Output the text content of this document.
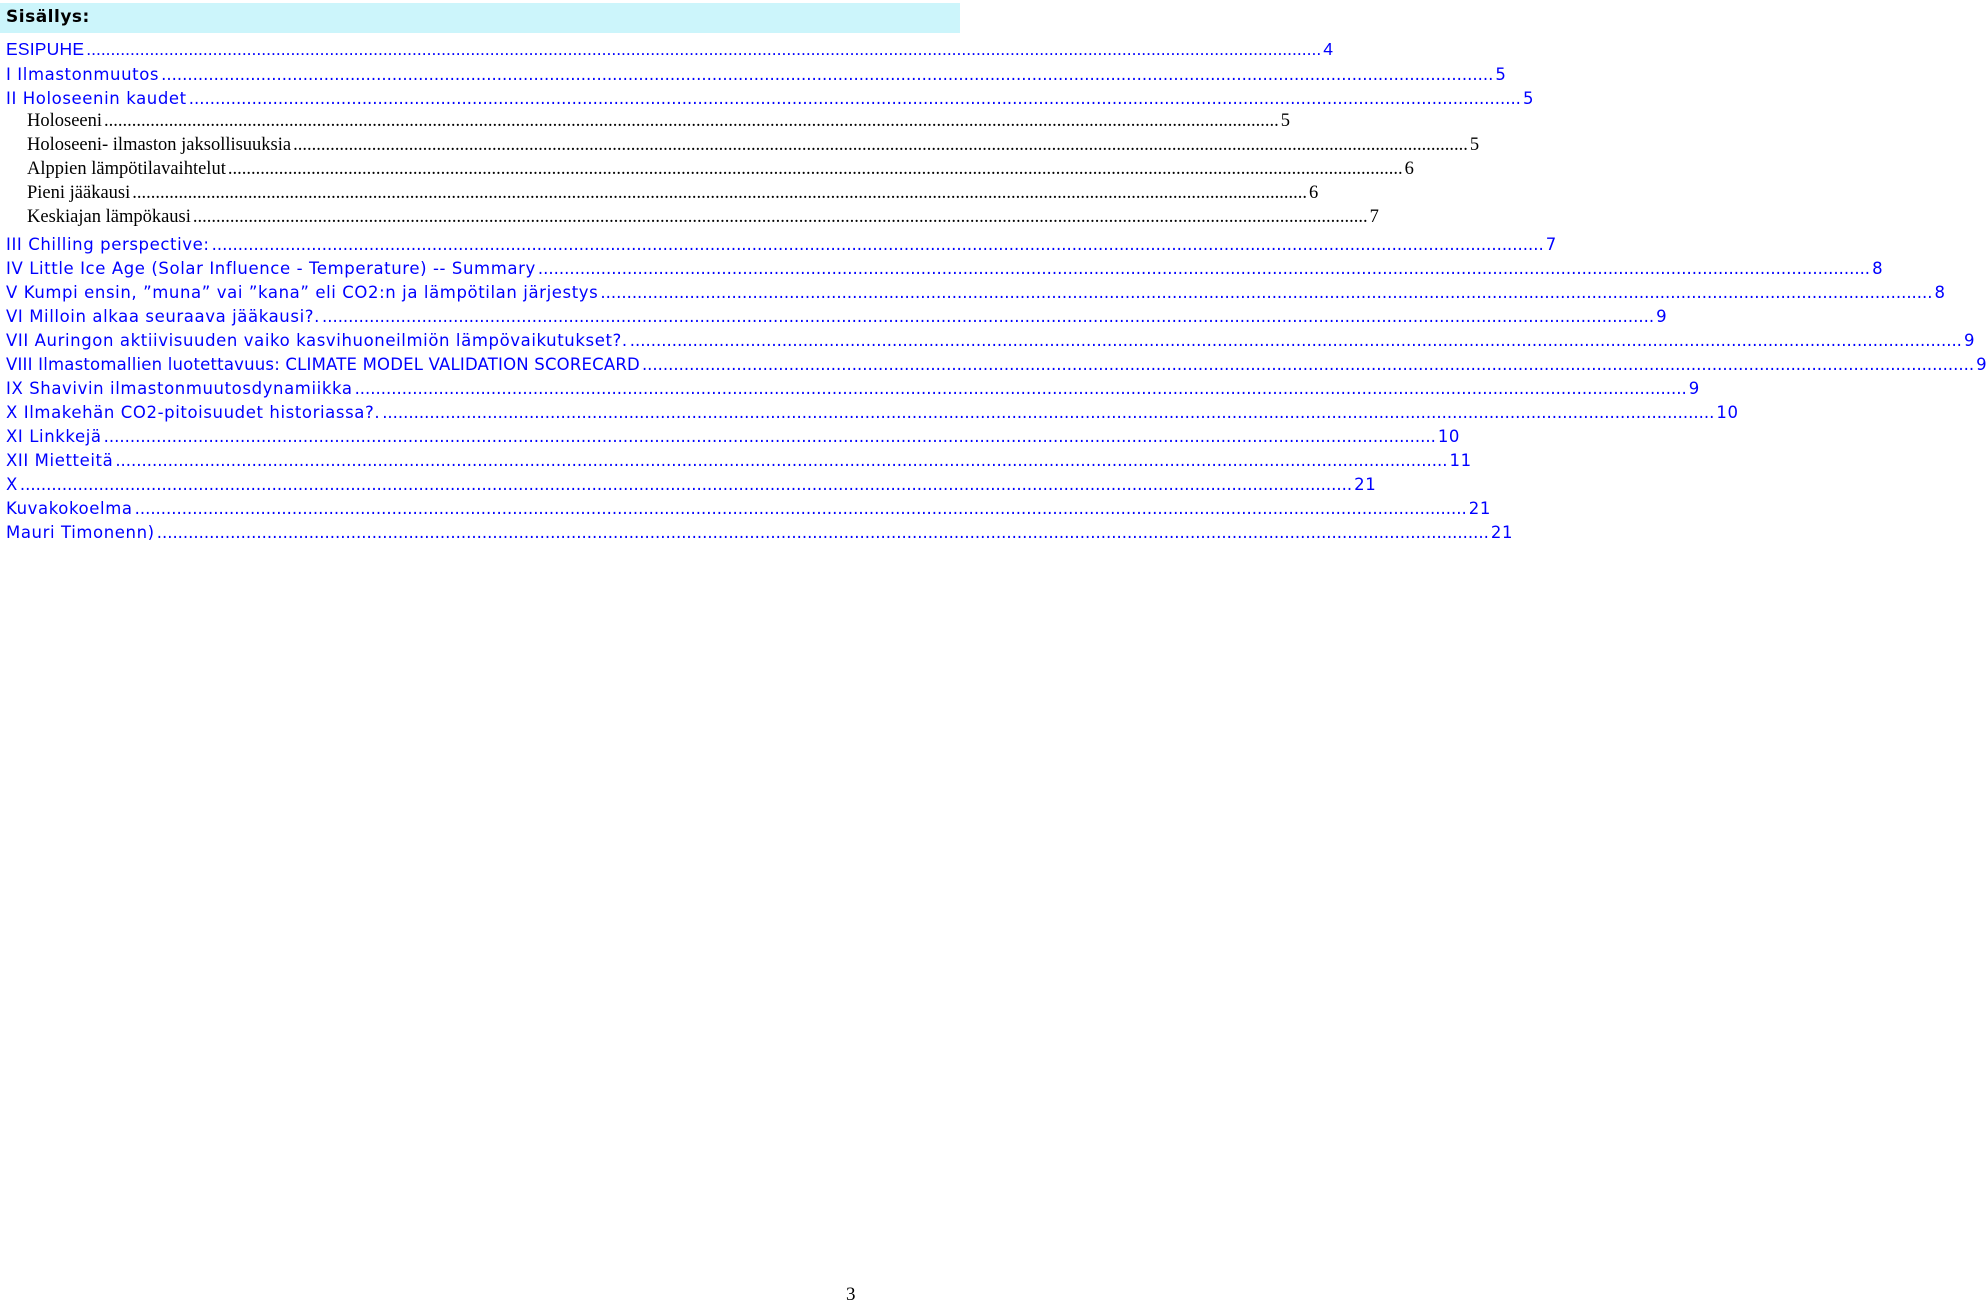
Sisällys:
ESIPUHE .............................................................................................................................................................................................................................................................. 4
I Ilmastonmuutos .............................................................................................................................................................................................................................................................. 5
II Holoseenin kaudet .............................................................................................................................................................................................................................................................. 5
Holoseeni .............................................................................................................................................................................................................................................................. 5
Holoseeni- ilmaston jaksollisuuksia .............................................................................................................................................................................................................................................................. 5
Alppien lämpötilavaihtelut .............................................................................................................................................................................................................................................................. 6
Pieni jääkausi .............................................................................................................................................................................................................................................................. 6
Keskiajan lämpökausi .............................................................................................................................................................................................................................................................. 7
III Chilling perspective: .............................................................................................................................................................................................................................................................. 7
IV Little Ice Age (Solar Influence - Temperature) -- Summary .............................................................................................................................................................................................................................................................. 8
V Kumpi ensin, ”muna” vai ”kana” eli CO2:n ja lämpötilan järjestys .............................................................................................................................................................................................................................................................. 8
VI Milloin alkaa seuraava jääkausi?. .............................................................................................................................................................................................................................................................. 9
VII Auringon aktiivisuuden vaiko kasvihuoneilmiön lämpövaikutukset?. .............................................................................................................................................................................................................................................................. 9
VIII Ilmastomallien luotettavuus: CLIMATE MODEL VALIDATION SCORECARD .............................................................................................................................................................................................................................................................. 9
IX Shavivin ilmastonmuutosdynamiikka .............................................................................................................................................................................................................................................................. 9
X Ilmakehän CO2-pitoisuudet historiassa?. .............................................................................................................................................................................................................................................................. 10
XI Linkkejä .............................................................................................................................................................................................................................................................. 10
XII Mietteitä .............................................................................................................................................................................................................................................................. 11
X .............................................................................................................................................................................................................................................................. 21
Kuvakokoelma .............................................................................................................................................................................................................................................................. 21
Mauri Timonenn) .............................................................................................................................................................................................................................................................. 21
3
